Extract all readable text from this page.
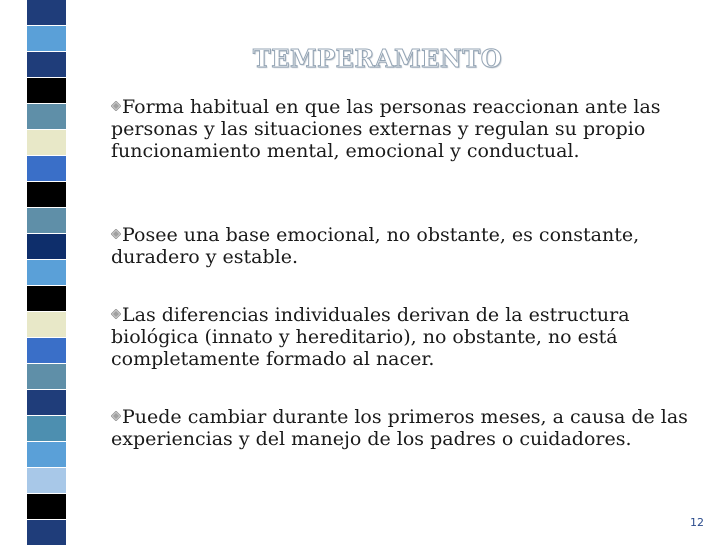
TEMPERAMENTO

Forma habitual en que las personas reaccionan ante las personas y las situaciones externas y regulan su propio funcionamiento mental, emocional y conductual.

Posee una base emocional, no obstante, es constante, duradero y estable.

Las diferencias individuales derivan de la estructura biológica (innato y hereditario), no obstante, no está completamente formado al nacer.

Puede cambiar durante los primeros meses, a causa de las experiencias y del manejo de los padres o cuidadores.

12
